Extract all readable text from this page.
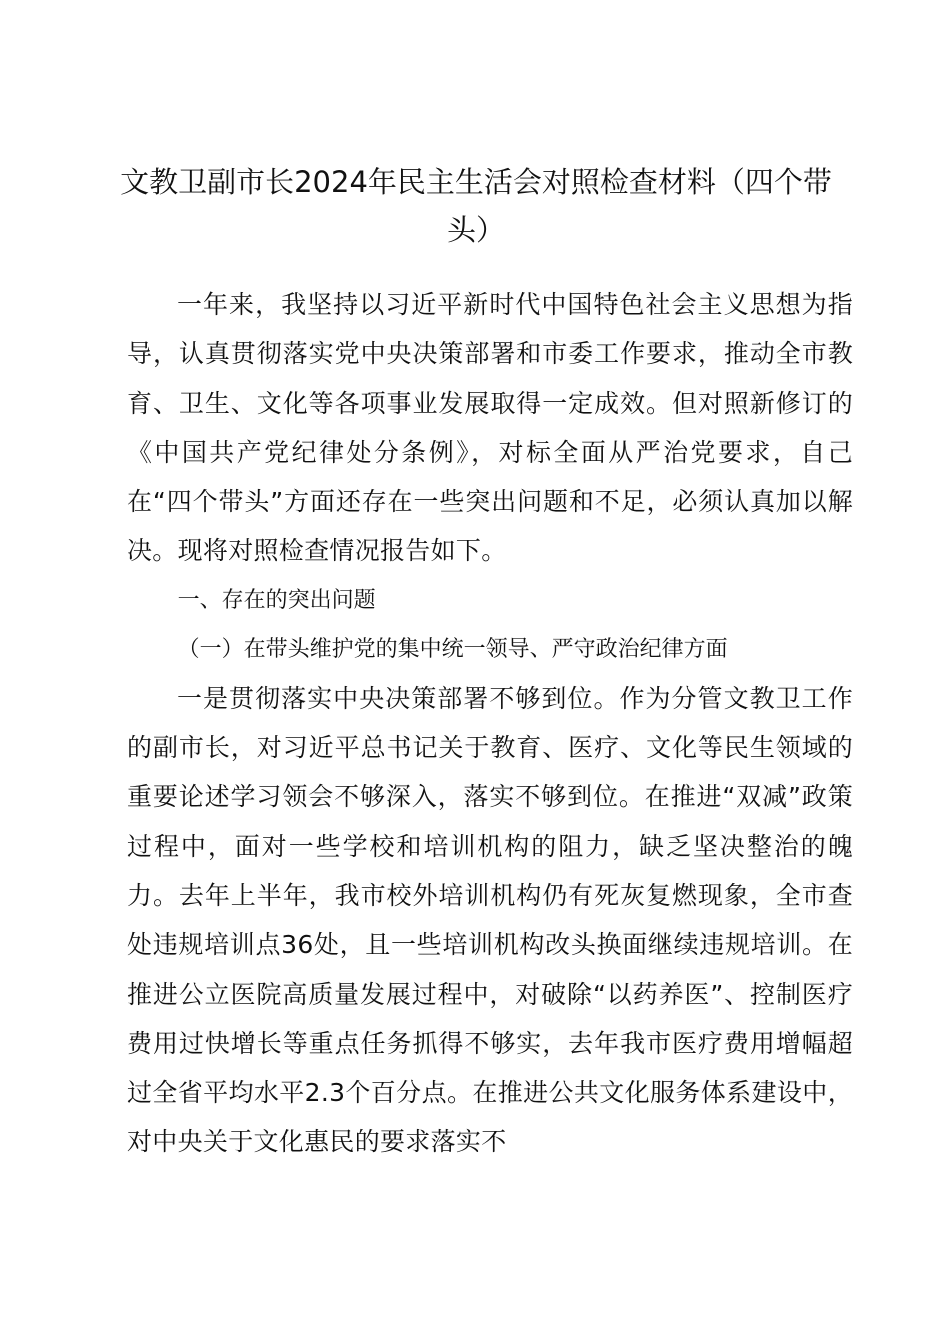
文教卫副市长2024年民主生活会对照检查材料（四个带头）

一年来，我坚持以习近平新时代中国特色社会主义思想为指导，认真贯彻落实党中央决策部署和市委工作要求，推动全市教育、卫生、文化等各项事业发展取得一定成效。但对照新修订的《中国共产党纪律处分条例》，对标全面从严治党要求，自己在“四个带头”方面还存在一些突出问题和不足，必须认真加以解决。现将对照检查情况报告如下。

一、存在的突出问题

（一）在带头维护党的集中统一领导、严守政治纪律方面

一是贯彻落实中央决策部署不够到位。作为分管文教卫工作的副市长，对习近平总书记关于教育、医疗、文化等民生领域的重要论述学习领会不够深入，落实不够到位。在推进“双减”政策过程中，面对一些学校和培训机构的阻力，缺乏坚决整治的魄力。去年上半年，我市校外培训机构仍有死灰复燃现象，全市查处违规培训点36处，且一些培训机构改头换面继续违规培训。在推进公立医院高质量发展过程中，对破除“以药养医”、控制医疗费用过快增长等重点任务抓得不够实，去年我市医疗费用增幅超过全省平均水平2.3个百分点。在推进公共文化服务体系建设中，对中央关于文化惠民的要求落实不
